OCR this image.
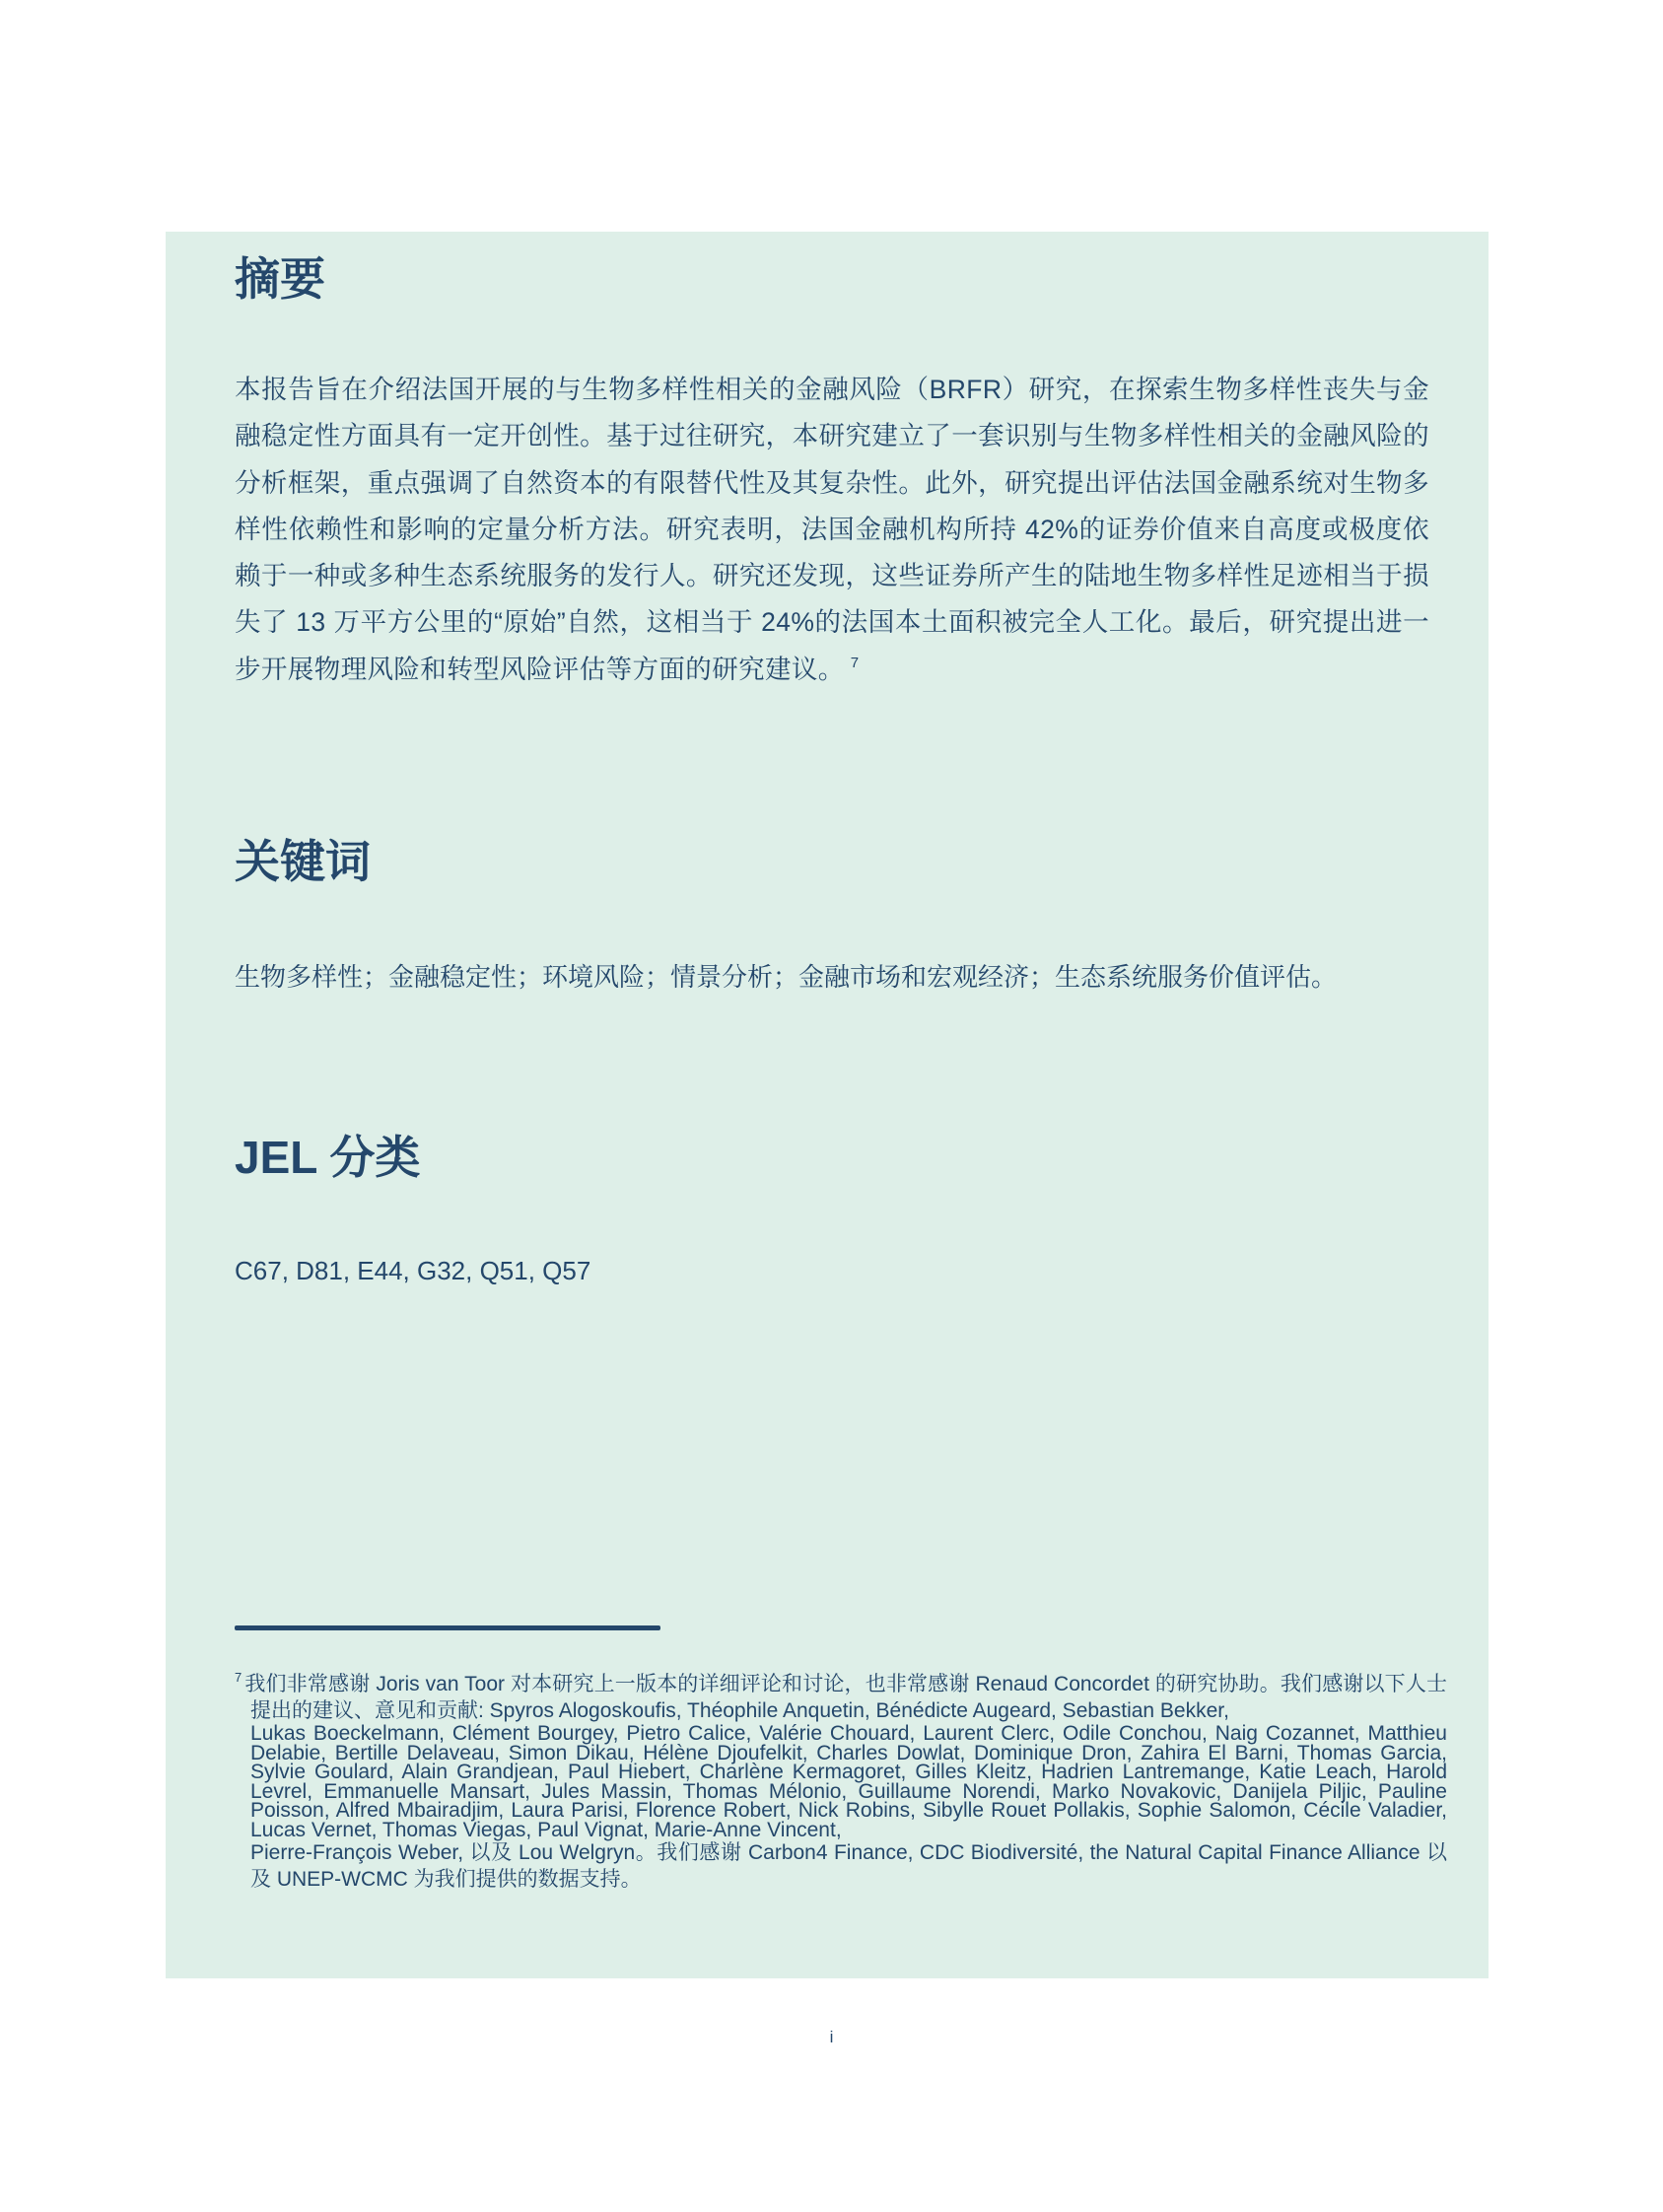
摘要

本报告旨在介绍法国开展的与生物多样性相关的金融风险（BRFR）研究，在探索生物多样性丧失与金融稳定性方面具有一定开创性。基于过往研究，本研究建立了一套识别与生物多样性相关的金融风险的分析框架，重点强调了自然资本的有限替代性及其复杂性。此外，研究提出评估法国金融系统对生物多样性依赖性和影响的定量分析方法。研究表明，法国金融机构所持 42%的证券价值来自高度或极度依赖于一种或多种生态系统服务的发行人。研究还发现，这些证券所产生的陆地生物多样性足迹相当于损失了 13 万平方公里的“原始”自然，这相当于 24%的法国本土面积被完全人工化。最后，研究提出进一步开展物理风险和转型风险评估等方面的研究建议。 $^7$

关键词

生物多样性；金融稳定性；环境风险；情景分析；金融市场和宏观经济；生态系统服务价值评估。

JEL 分类

C67, D81, E44, G32, Q51, Q57

$^7$ 我们非常感谢 Joris van Toor 对本研究上一版本的详细评论和讨论，也非常感谢 Renaud Concordet 的研究协助。我们感谢以下人士提出的建议、意见和贡献: Spyros Alogoskoufis, Théophile Anquetin, Bénédicte Augeard, Sebastian Bekker,
Lukas Boeckelmann, Clément Bourgey, Pietro Calice, Valérie Chouard, Laurent Clerc, Odile Conchou, Naig Cozannet, Matthieu Delabie, Bertille Delaveau, Simon Dikau, Hélène Djoufelkit, Charles Dowlat, Dominique Dron, Zahira El Barni, Thomas Garcia, Sylvie Goulard, Alain Grandjean, Paul Hiebert, Charlène Kermagoret, Gilles Kleitz, Hadrien Lantremange, Katie Leach, Harold Levrel, Emmanuelle Mansart, Jules Massin, Thomas Mélonio, Guillaume Norendi, Marko Novakovic, Danijela Piljic, Pauline Poisson, Alfred Mbairadjim, Laura Parisi, Florence Robert, Nick Robins, Sibylle Rouet Pollakis, Sophie Salomon, Cécile Valadier, Lucas Vernet, Thomas Viegas, Paul Vignat, Marie-Anne Vincent,
Pierre-François Weber, 以及 Lou Welgryn。我们感谢 Carbon4 Finance, CDC Biodiversité, the Natural Capital Finance Alliance 以及 UNEP-WCMC 为我们提供的数据支持。

i
